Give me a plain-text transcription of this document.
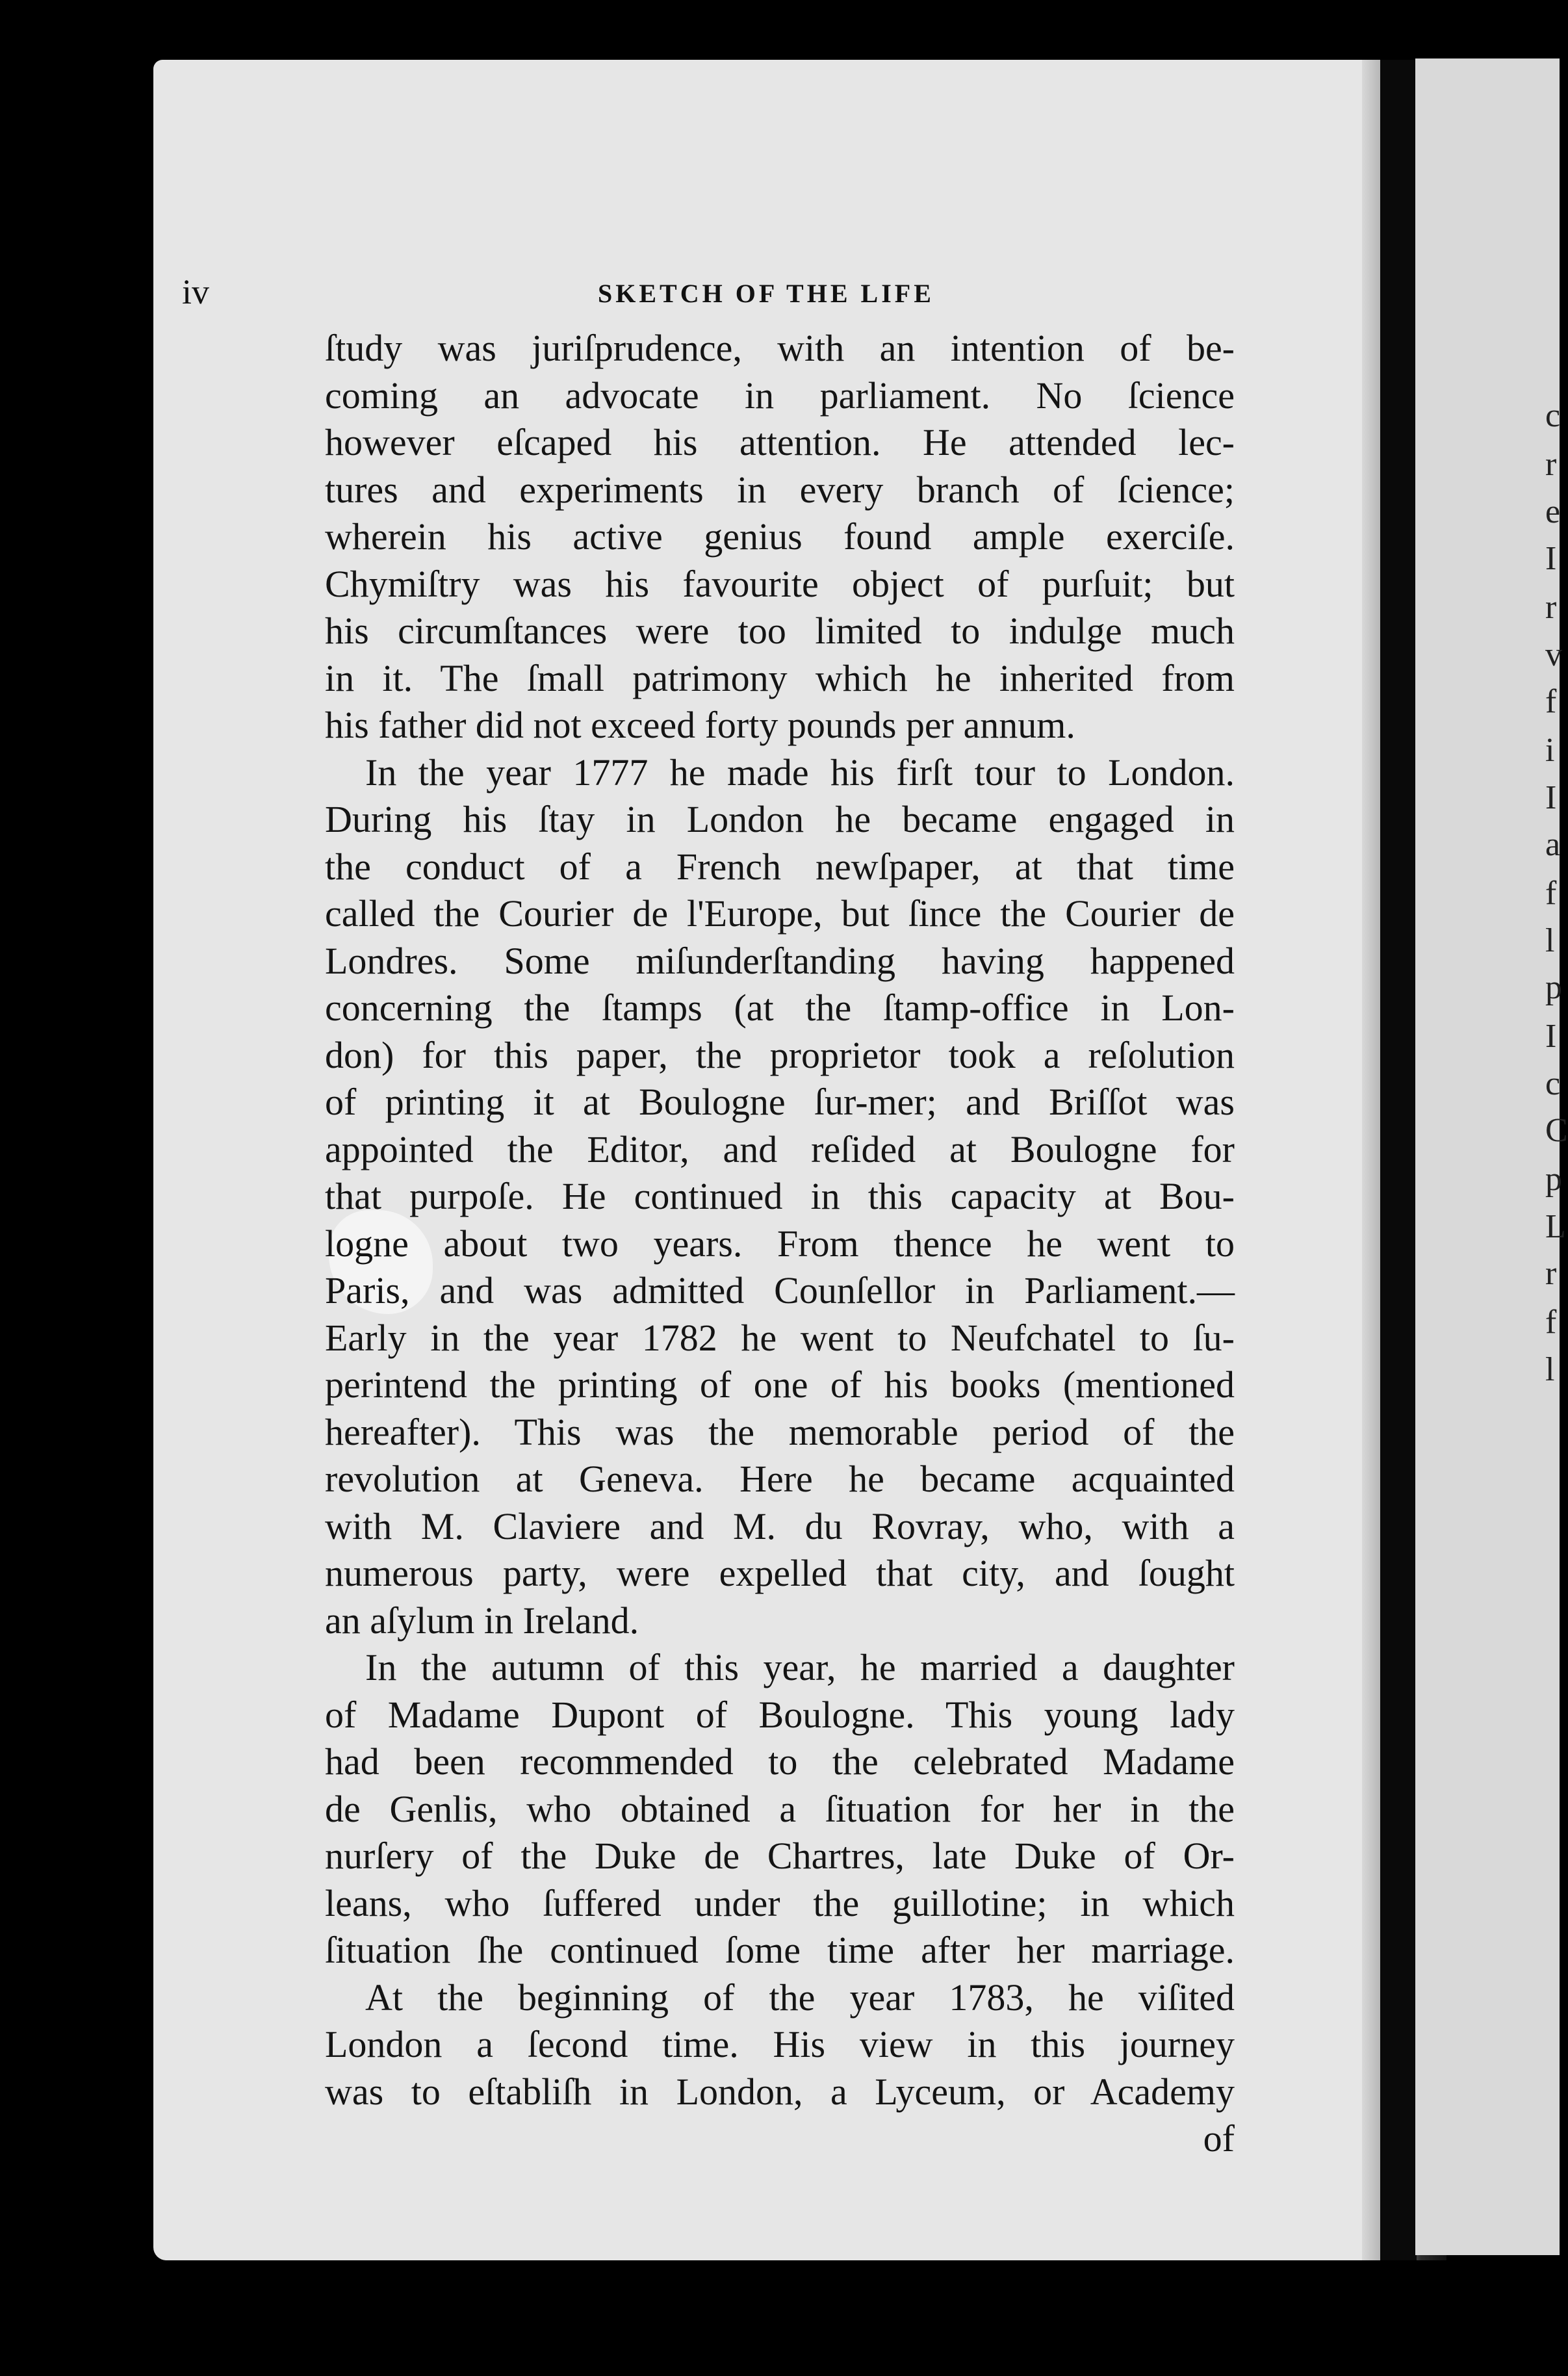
iv	SKETCH OF THE LIFE
ſtudy was juriſprudence, with an intention of be-
coming an advocate in parliament. No ſcience
however eſcaped his attention. He attended lec-
tures and experiments in every branch of ſcience;
wherein his active genius found ample exerciſe.
Chymiſtry was his favourite object of purſuit; but
his circumſtances were too limited to indulge much
in it. The ſmall patrimony which he inherited from
his father did not exceed forty pounds per annum.
In the year 1777 he made his firſt tour to London.
During his ſtay in London he became engaged in
the conduct of a French newſpaper, at that time
called the Courier de l'Europe, but ſince the Courier de
Londres. Some miſunderſtanding having happened
concerning the ſtamps (at the ſtamp-office in Lon-
don) for this paper, the proprietor took a reſolution
of printing it at Boulogne ſur-mer; and Briſſot was
appointed the Editor, and reſided at Boulogne for
that purpoſe. He continued in this capacity at Bou-
logne about two years. From thence he went to
Paris, and was admitted Counſellor in Parliament.—
Early in the year 1782 he went to Neufchatel to ſu-
perintend the printing of one of his books (mentioned
hereafter). This was the memorable period of the
revolution at Geneva. Here he became acquainted
with M. Claviere and M. du Rovray, who, with a
numerous party, were expelled that city, and ſought
an aſylum in Ireland.
In the autumn of this year, he married a daughter
of Madame Dupont of Boulogne. This young lady
had been recommended to the celebrated Madame
de Genlis, who obtained a ſituation for her in the
nurſery of the Duke de Chartres, late Duke of Or-
leans, who ſuffered under the guillotine; in which
ſituation ſhe continued ſome time after her marriage.
At the beginning of the year 1783, he viſited
London a ſecond time. His view in this journey
was to eſtabliſh in London, a Lyceum, or Academy
of
c
r
e
I
r
v
f
i
I
a
f
l
p
I
c
C
p
L
r
f
l
